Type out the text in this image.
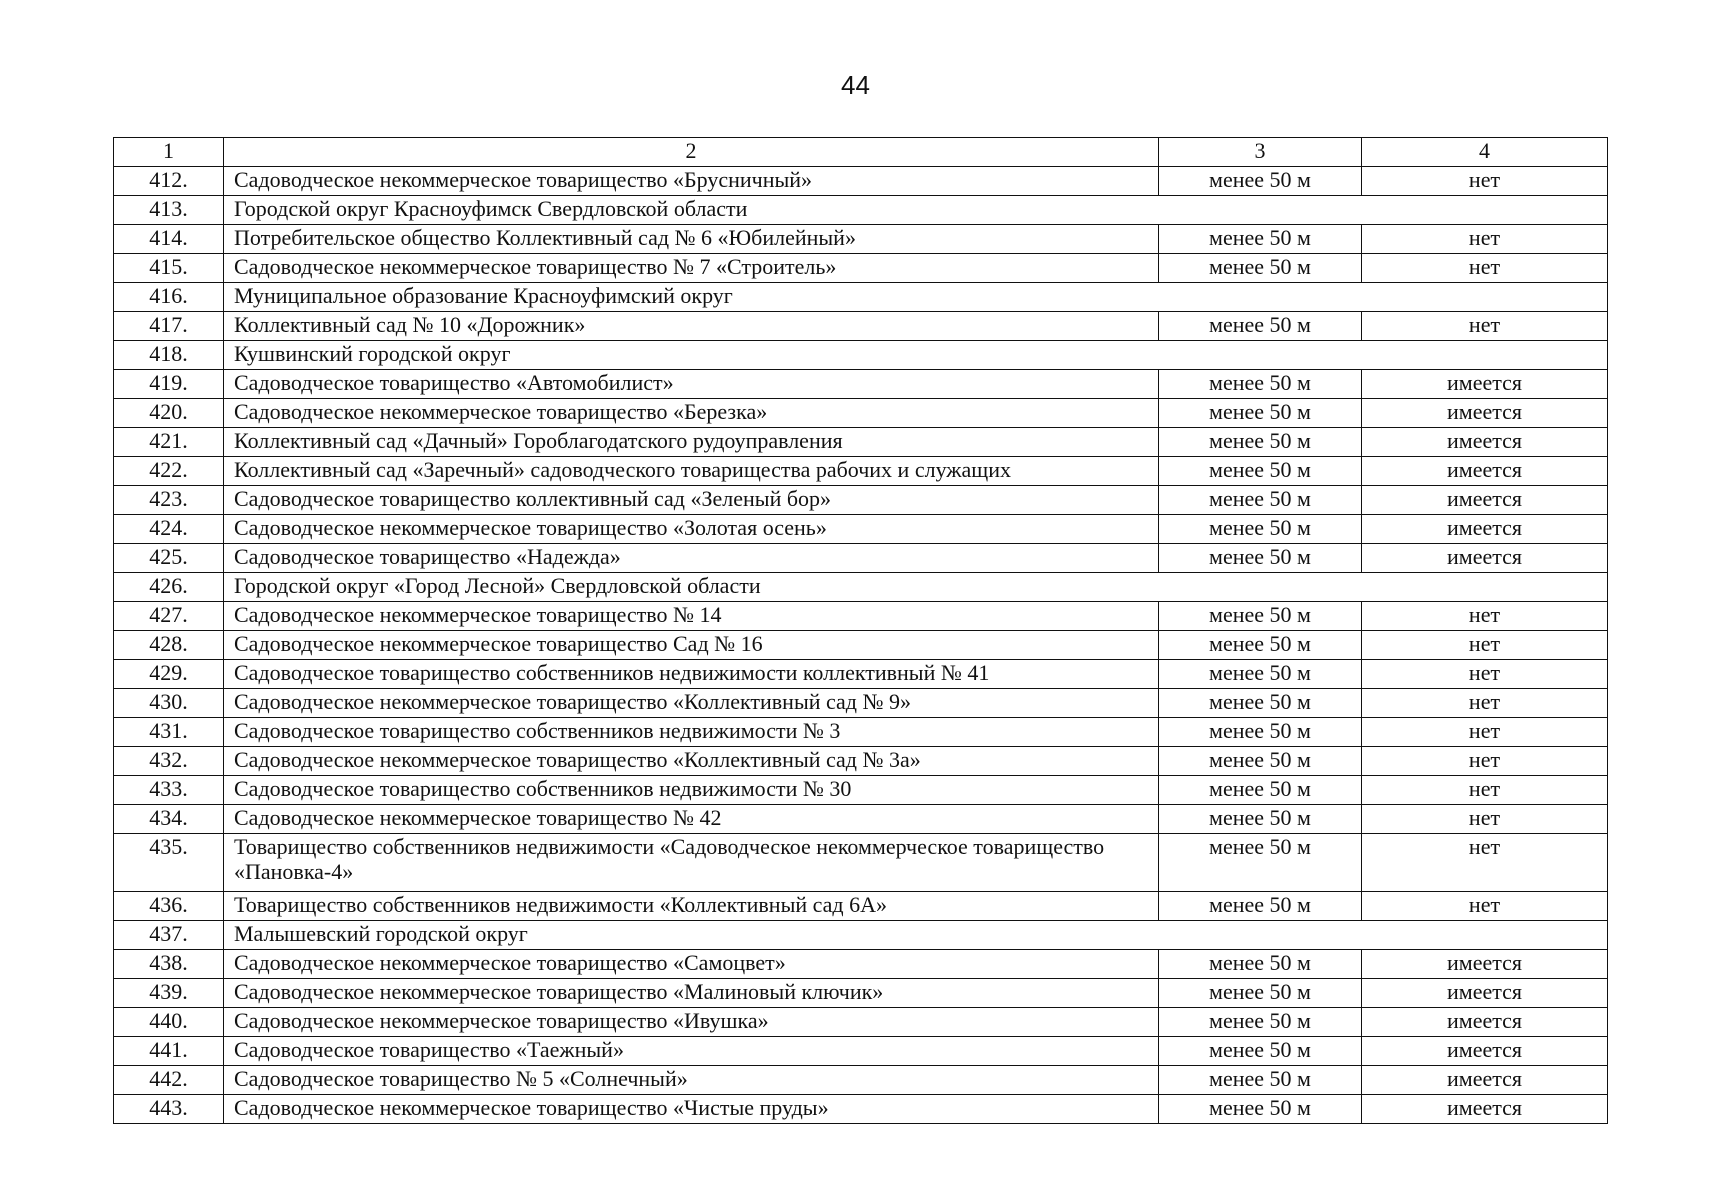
44
1	2	3	4
412.	Садоводческое некоммерческое товарищество «Брусничный»	менее 50 м	нет
413.	Городской округ Красноуфимск Свердловской области		
414.	Потребительское общество Коллективный сад № 6 «Юбилейный»	менее 50 м	нет
415.	Садоводческое некоммерческое товарищество № 7 «Строитель»	менее 50 м	нет
416.	Муниципальное образование Красноуфимский округ		
417.	Коллективный сад № 10 «Дорожник»	менее 50 м	нет
418.	Кушвинский городской округ		
419.	Садоводческое товарищество «Автомобилист»	менее 50 м	имеется
420.	Садоводческое некоммерческое товарищество «Березка»	менее 50 м	имеется
421.	Коллективный сад «Дачный» Гороблагодатского рудоуправления	менее 50 м	имеется
422.	Коллективный сад «Заречный» садоводческого товарищества рабочих и служащих	менее 50 м	имеется
423.	Садоводческое товарищество коллективный сад «Зеленый бор»	менее 50 м	имеется
424.	Садоводческое некоммерческое товарищество «Золотая осень»	менее 50 м	имеется
425.	Садоводческое товарищество «Надежда»	менее 50 м	имеется
426.	Городской округ «Город Лесной» Свердловской области		
427.	Садоводческое некоммерческое товарищество № 14	менее 50 м	нет
428.	Садоводческое некоммерческое товарищество Сад № 16	менее 50 м	нет
429.	Садоводческое товарищество собственников недвижимости коллективный № 41	менее 50 м	нет
430.	Садоводческое некоммерческое товарищество «Коллективный сад № 9»	менее 50 м	нет
431.	Садоводческое товарищество собственников недвижимости № 3	менее 50 м	нет
432.	Садоводческое некоммерческое товарищество «Коллективный сад № 3а»	менее 50 м	нет
433.	Садоводческое товарищество собственников недвижимости № 30	менее 50 м	нет
434.	Садоводческое некоммерческое товарищество № 42	менее 50 м	нет
435.	Товарищество собственников недвижимости «Садоводческое некоммерческое товарищество «Пановка-4»	менее 50 м	нет
436.	Товарищество собственников недвижимости «Коллективный сад 6А»	менее 50 м	нет
437.	Малышевский городской округ		
438.	Садоводческое некоммерческое товарищество «Самоцвет»	менее 50 м	имеется
439.	Садоводческое некоммерческое товарищество «Малиновый ключик»	менее 50 м	имеется
440.	Садоводческое некоммерческое товарищество «Ивушка»	менее 50 м	имеется
441.	Садоводческое товарищество «Таежный»	менее 50 м	имеется
442.	Садоводческое товарищество № 5 «Солнечный»	менее 50 м	имеется
443.	Садоводческое некоммерческое товарищество «Чистые пруды»	менее 50 м	имеется
